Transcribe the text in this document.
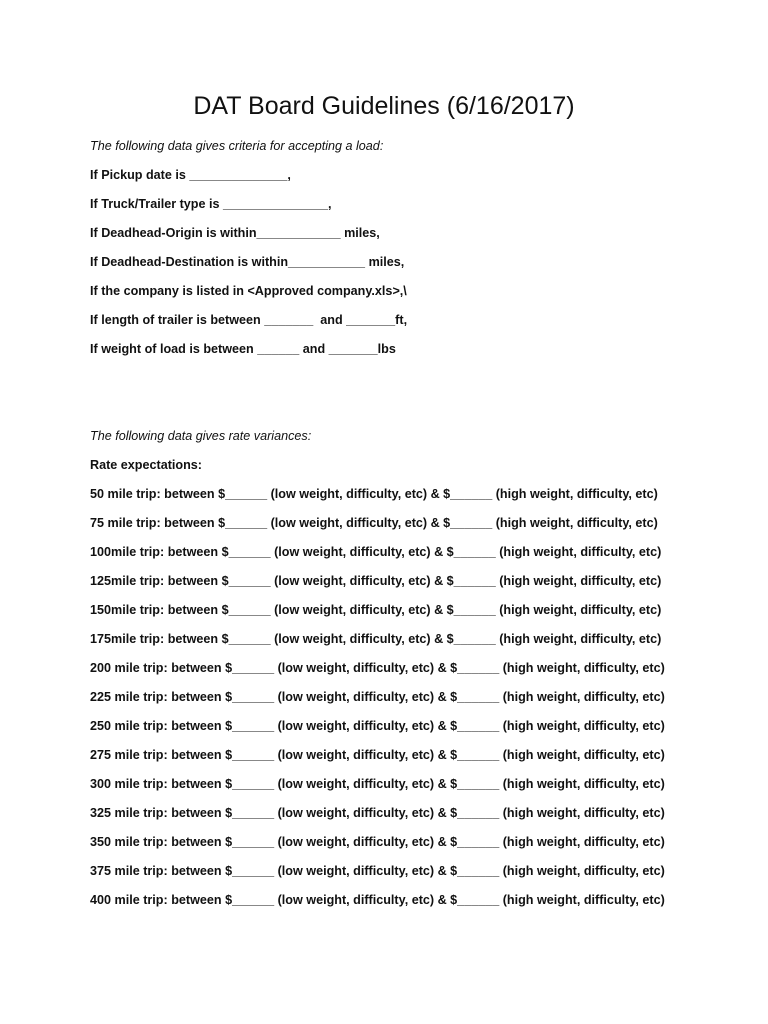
DAT Board Guidelines (6/16/2017)
The following data gives criteria for accepting a load:
If Pickup date is ______________,
If Truck/Trailer type is _______________,
If Deadhead-Origin is within____________ miles,
If Deadhead-Destination is within___________ miles,
If the company is listed in <Approved company.xls>,\
If length of trailer is between _______  and _______ft,
If weight of load is between ______ and _______lbs
The following data gives rate variances:
Rate expectations:
50 mile trip: between $______ (low weight, difficulty, etc) & $______ (high weight, difficulty, etc)
75 mile trip: between $______ (low weight, difficulty, etc) & $______ (high weight, difficulty, etc)
100mile trip: between $______ (low weight, difficulty, etc) & $______ (high weight, difficulty, etc)
125mile trip: between $______ (low weight, difficulty, etc) & $______ (high weight, difficulty, etc)
150mile trip: between $______ (low weight, difficulty, etc) & $______ (high weight, difficulty, etc)
175mile trip: between $______ (low weight, difficulty, etc) & $______ (high weight, difficulty, etc)
200 mile trip: between $______ (low weight, difficulty, etc) & $______ (high weight, difficulty, etc)
225 mile trip: between $______ (low weight, difficulty, etc) & $______ (high weight, difficulty, etc)
250 mile trip: between $______ (low weight, difficulty, etc) & $______ (high weight, difficulty, etc)
275 mile trip: between $______ (low weight, difficulty, etc) & $______ (high weight, difficulty, etc)
300 mile trip: between $______ (low weight, difficulty, etc) & $______ (high weight, difficulty, etc)
325 mile trip: between $______ (low weight, difficulty, etc) & $______ (high weight, difficulty, etc)
350 mile trip: between $______ (low weight, difficulty, etc) & $______ (high weight, difficulty, etc)
375 mile trip: between $______ (low weight, difficulty, etc) & $______ (high weight, difficulty, etc)
400 mile trip: between $______ (low weight, difficulty, etc) & $______ (high weight, difficulty, etc)
